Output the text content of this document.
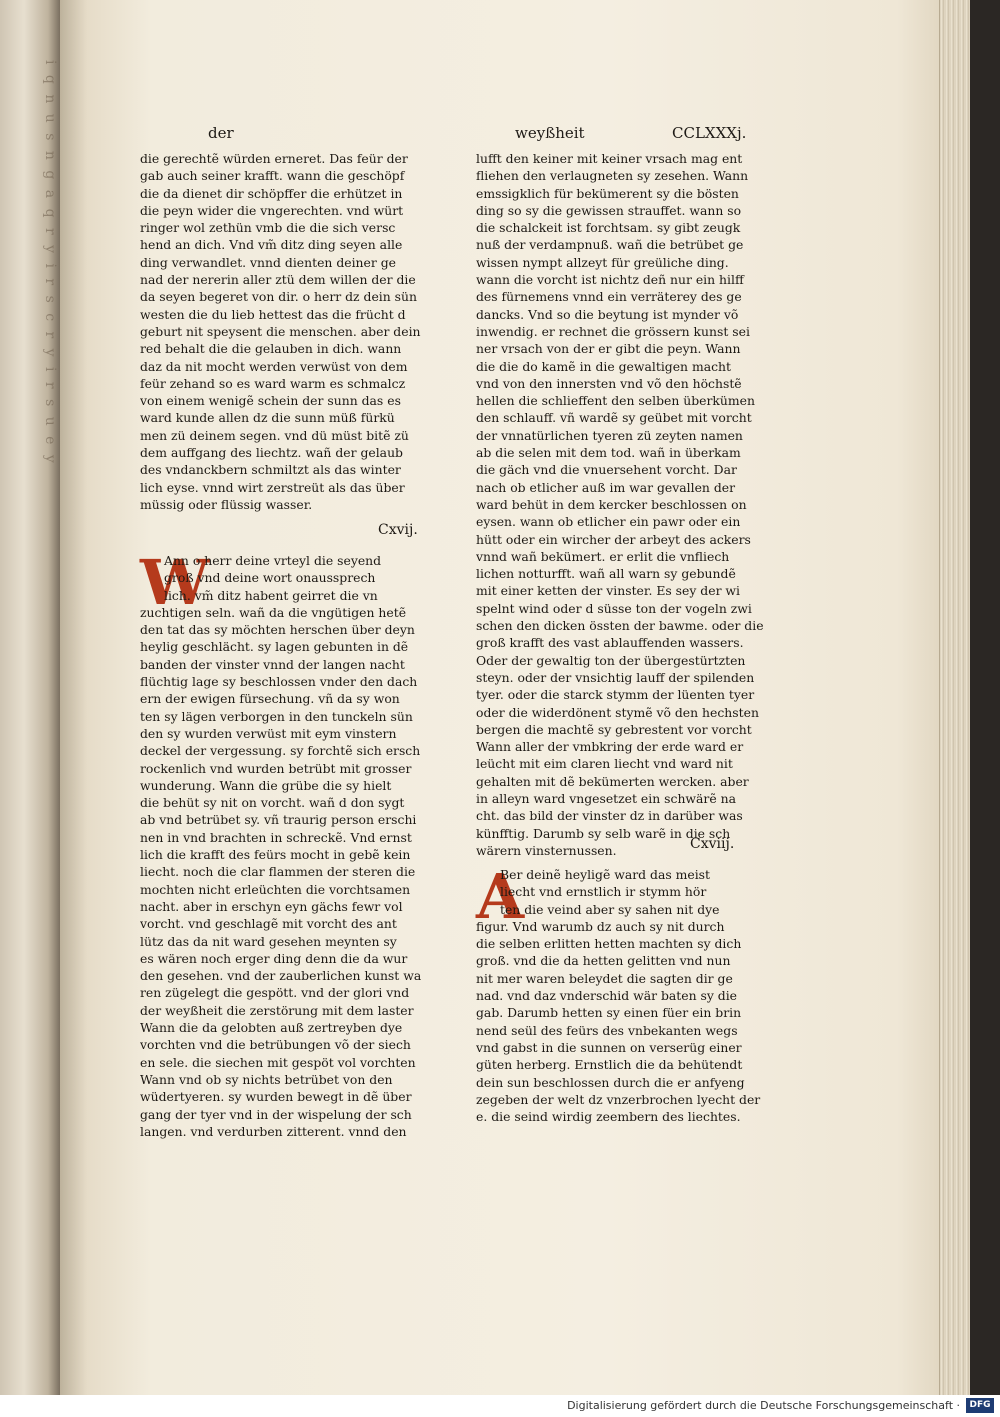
i q n u s n g a q r y i r s c r y i r s u e y	der	weyßheit	CCLXXXj.
die gerechtẽ würden erneret. Das feür der
gab auch seiner krafft. wann die geschöpf
die da dienet dir schöpffer die erhützet in
die peyn wider die vngerechten. vnd würt
ringer wol zethün vmb die die sich versc
hend an dich. Vnd vm̃ ditz ding seyen alle
ding verwandlet. vnnd dienten deiner ge
nad der nererin aller ztü dem willen der die
da seyen begeret von dir. o herr dz dein sün
westen die du lieb hettest das die frücht d
geburt nit speysent die menschen. aber dein
red behalt die die gelauben in dich. wann
daz da nit mocht werden verwüst von dem
feür zehand so es ward warm es schmalcz
von einem wenigẽ schein der sunn das es
ward kunde allen dz die sunn müß fürkü
men zü deinem segen. vnd dü müst bitẽ zü
dem auffgang des liechtz. wañ der gelaub
des vndanckbern schmiltzt als das winter
lich eyse. vnnd wirt zerstreüt als das über
müssig oder flüssig wasser.
Cxvij.
W
Ann o herr deine vrteyl die seyend
groß vnd deine wort onaussprech
lich. vm̃ ditz habent geirret die vn
zuchtigen seln. wañ da die vngütigen hetẽ
den tat das sy möchten herschen über deyn
heylig geschlächt. sy lagen gebunten in dẽ
banden der vinster vnnd der langen nacht
flüchtig lage sy beschlossen vnder den dach
ern der ewigen fürsechung. vñ da sy won
ten sy lägen verborgen in den tunckeln sün
den sy wurden verwüst mit eym vinstern
deckel der vergessung. sy forchtẽ sich ersch
rockenlich vnd wurden betrübt mit grosser
wunderung. Wann die grübe die sy hielt
die behüt sy nit on vorcht. wañ d don sygt
ab vnd betrübet sy. vñ traurig person erschi
nen in vnd brachten in schreckẽ. Vnd ernst
lich die krafft des feürs mocht in gebẽ kein
liecht. noch die clar flammen der steren die
mochten nicht erleüchten die vorchtsamen
nacht. aber in erschyn eyn gächs fewr vol
vorcht. vnd geschlagẽ mit vorcht des ant
lütz das da nit ward gesehen meynten sy
es wären noch erger ding denn die da wur
den gesehen. vnd der zauberlichen kunst wa
ren zügelegt die gespött. vnd der glori vnd
der weyßheit die zerstörung mit dem laster
Wann die da gelobten auß zertreyben dye
vorchten vnd die betrübungen võ der siech
en sele. die siechen mit gespöt vol vorchten
Wann vnd ob sy nichts betrübet von den
wüdertyeren. sy wurden bewegt in dẽ über
gang der tyer vnd in der wispelung der sch
langen. vnd verdurben zitterent. vnnd den
lufft den keiner mit keiner vrsach mag ent
fliehen den verlaugneten sy zesehen. Wann
emssigklich für bekümerent sy die bösten
ding so sy die gewissen strauffet. wann so
die schalckeit ist forchtsam. sy gibt zeugk
nuß der verdampnuß. wañ die betrübet ge
wissen nympt allzeyt für greüliche ding.
wann die vorcht ist nichtz deñ nur ein hilff
des fürnemens vnnd ein verräterey des ge
dancks. Vnd so die beytung ist mynder võ
inwendig. er rechnet die grössern kunst sei
ner vrsach von der er gibt die peyn. Wann
die die do kamẽ in die gewaltigen macht
vnd von den innersten vnd võ den höchstẽ
hellen die schlieffent den selben überkümen
den schlauff. vñ wardẽ sy geübet mit vorcht
der vnnatürlichen tyeren zü zeyten namen
ab die selen mit dem tod. wañ in überkam
die gäch vnd die vnuersehent vorcht. Dar
nach ob etlicher auß im war gevallen der
ward behüt in dem kercker beschlossen on
eysen. wann ob etlicher ein pawr oder ein
hütt oder ein wircher der arbeyt des ackers
vnnd wañ bekümert. er erlit die vnfliech
lichen notturfft. wañ all warn sy gebundẽ
mit einer ketten der vinster. Es sey der wi
spelnt wind oder d süsse ton der vogeln zwi
schen den dicken össten der bawme. oder die
groß krafft des vast ablauffenden wassers.
Oder der gewaltig ton der übergestürtzten
steyn. oder der vnsichtig lauff der spilenden
tyer. oder die starck stymm der lüenten tyer
oder die widerdönent stymẽ võ den hechsten
bergen die machtẽ sy gebrestent vor vorcht
Wann aller der vmbkring der erde ward er
leücht mit eim claren liecht vnd ward nit
gehalten mit dẽ bekümerten wercken. aber
in alleyn ward vngesetzet ein schwärẽ na
cht. das bild der vinster dz in darüber was
künfftig. Darumb sy selb warẽ in die sch
wärern vinsternussen.	Cxviij.
A
Ber deinẽ heyligẽ ward das meist
liecht vnd ernstlich ir stymm hör
ten die veind aber sy sahen nit dye
figur. Vnd warumb dz auch sy nit durch
die selben erlitten hetten machten sy dich
groß. vnd die da hetten gelitten vnd nun
nit mer waren beleydet die sagten dir ge
nad. vnd daz vnderschid wär baten sy die
gab. Darumb hetten sy einen füer ein brin
nend seül des feürs des vnbekanten wegs
vnd gabst in die sunnen on verserüg einer
güten herberg. Ernstlich die da behütendt
dein sun beschlossen durch die er anfyeng
zegeben der welt dz vnzerbrochen lyecht der
e. die seind wirdig zeembern des liechtes.
Digitalisierung gefördert durch die Deutsche Forschungsgemeinschaft ·	DFG
